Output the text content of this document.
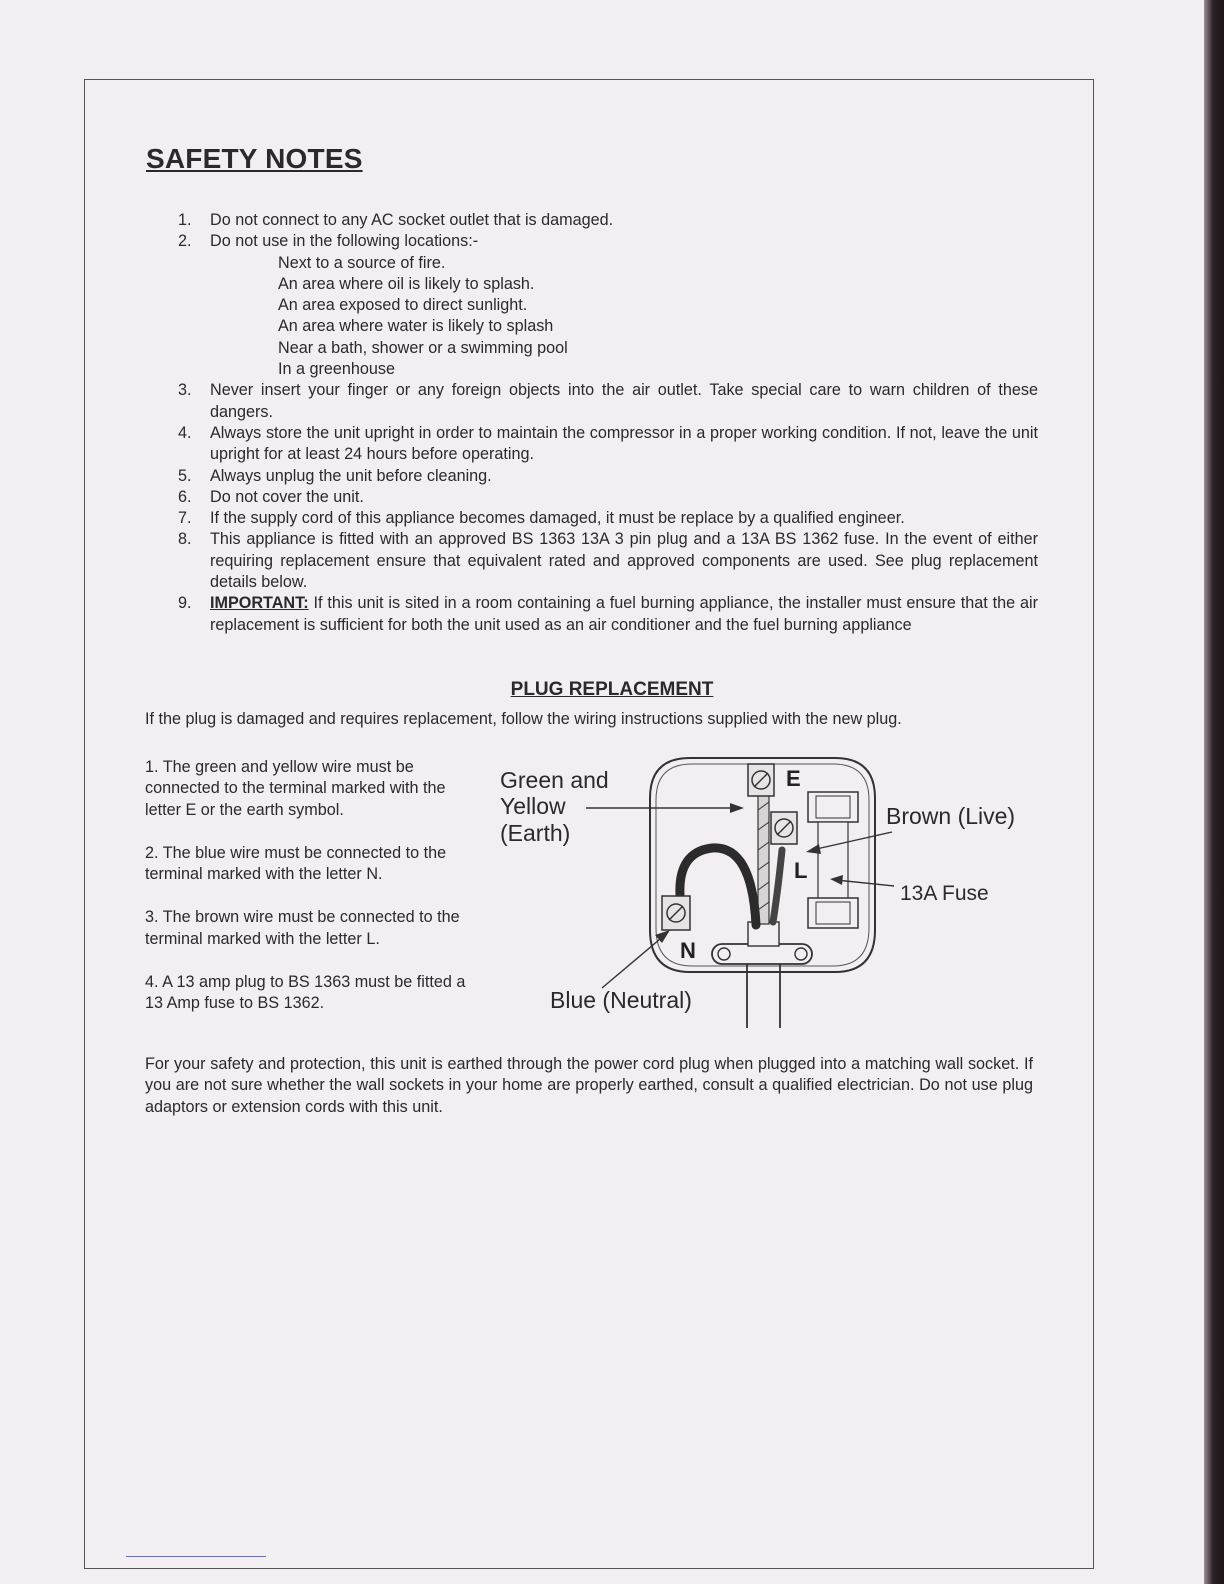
SAFETY NOTES
1.	Do not connect to any AC socket outlet that is damaged.
2.	Do not use in the following locations:-
Next to a source of fire.
An area where oil is likely to splash.
An area exposed to direct sunlight.
An area where water is likely to splash
Near a bath, shower or a swimming pool
In a greenhouse
3.	Never insert your finger or any foreign objects into the air outlet. Take special care to warn children of these dangers.
4.	Always store the unit upright in order to maintain the compressor in a proper working condition. If not, leave the unit upright for at least 24 hours before operating.
5.	Always unplug the unit before cleaning.
6.	Do not cover the unit.
7.	If the supply cord of this appliance becomes damaged, it must be replace by a qualified engineer.
8.	This appliance is fitted with an approved BS 1363 13A 3 pin plug and a 13A BS 1362 fuse. In the event of either requiring replacement ensure that equivalent rated and approved components are used. See plug replacement details below.
9.	IMPORTANT: If this unit is sited in a room containing a fuel burning appliance, the installer must ensure that the air replacement is sufficient for both the unit used as an air conditioner and the fuel burning appliance
PLUG REPLACEMENT
If the plug is damaged and requires replacement, follow the wiring instructions supplied with the new plug.
1. The green and yellow wire must be connected to the terminal marked with the letter E or the earth symbol.
2. The blue wire must be connected to the terminal marked with the letter N.
3. The brown wire must be connected to the terminal marked with the letter L.
4. A 13 amp plug to BS 1363 must be fitted a 13 Amp fuse to BS 1362.
E
L
N
Green and Yellow (Earth)
Brown (Live)
13A Fuse
Blue (Neutral)
For your safety and protection, this unit is earthed through the power cord plug when plugged into a matching wall socket. If you are not sure whether the wall sockets in your home are properly earthed, consult a qualified electrician. Do not use plug adaptors or extension cords with this unit.
